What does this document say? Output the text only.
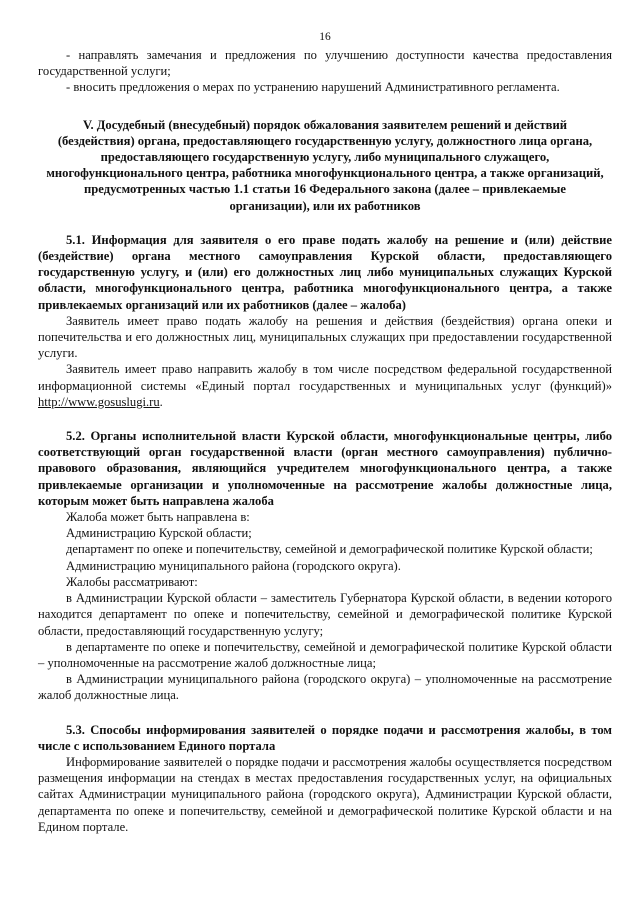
16

- направлять замечания и предложения по улучшению доступности качества предоставления государственной услуги;

- вносить предложения о мерах по устранению нарушений Административного регламента.

V. Досудебный (внесудебный) порядок обжалования заявителем решений и действий (бездействия) органа, предоставляющего государственную услугу, должностного лица органа, предоставляющего государственную услугу, либо муниципального служащего, многофункционального центра, работника многофункционального центра, а также организаций, предусмотренных частью 1.1 статьи 16 Федерального закона (далее – привлекаемые организации), или их работников

5.1. Информация для заявителя о его праве подать жалобу на решение и (или) действие (бездействие) органа местного самоуправления Курской области, предоставляющего государственную услугу, и (или) его должностных лиц либо муниципальных служащих Курской области, многофункционального центра, работника многофункционального центра, а также привлекаемых организаций или их работников (далее – жалоба)

Заявитель имеет право подать жалобу на решения и действия (бездействия) органа опеки и попечительства и его должностных лиц, муниципальных служащих при предоставлении государственной услуги.

Заявитель имеет право направить жалобу в том числе посредством федеральной государственной информационной системы «Единый портал государственных и муниципальных услуг (функций)» http://www.gosuslugi.ru.

5.2. Органы исполнительной власти Курской области, многофункциональные центры, либо соответствующий орган государственной власти (орган местного самоуправления) публично-правового образования, являющийся учредителем многофункционального центра, а также привлекаемые организации и уполномоченные на рассмотрение жалобы должностные лица, которым может быть направлена жалоба

Жалоба может быть направлена в:

Администрацию Курской области;

департамент по опеке и попечительству, семейной и демографической политике Курской области;

Администрацию муниципального района (городского округа).

Жалобы рассматривают:

в Администрации Курской области – заместитель Губернатора Курской области, в ведении которого находится департамент по опеке и попечительству, семейной и демографической политике Курской области, предоставляющий государственную услугу;

в департаменте по опеке и попечительству, семейной и демографической политике Курской области – уполномоченные на рассмотрение жалоб должностные лица;

в Администрации муниципального района (городского округа) – уполномоченные на рассмотрение жалоб должностные лица.

5.3. Способы информирования заявителей о порядке подачи и рассмотрения жалобы, в том числе с использованием Единого портала

Информирование заявителей о порядке подачи и рассмотрения жалобы осуществляется посредством размещения информации на стендах в местах предоставления государственных услуг, на официальных сайтах Администрации муниципального района (городского округа), Администрации Курской области, департамента по опеке и попечительству, семейной и демографической политике Курской области и на Едином портале.
